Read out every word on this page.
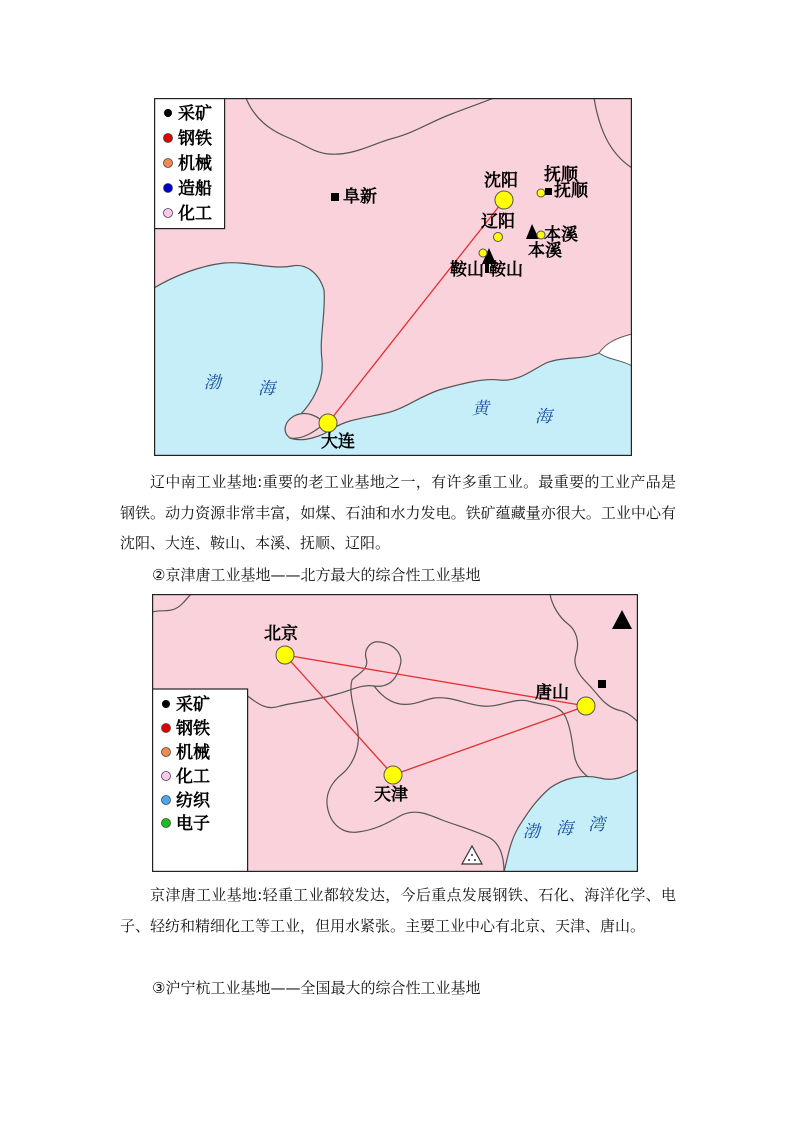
采矿
钢铁
机械
造船
化工
阜新
沈阳 抚顺
抚顺
辽阳
本溪
本溪
鞍山 鞍山
大连
渤 海
黄	海

辽中南工业基地:重要的老工业基地之一，有许多重工业。最重要的工业产品是钢铁。动力资源非常丰富，如煤、石油和水力发电。铁矿蕴藏量亦很大。工业中心有沈阳、大连、鞍山、本溪、抚顺、辽阳。

②京津唐工业基地——北方最大的综合性工业基地

采矿
钢铁
机械
化工
纺织
电子
北京
唐山
天津
渤 海 湾

京津唐工业基地:轻重工业都较发达，今后重点发展钢铁、石化、海洋化学、电子、轻纺和精细化工等工业，但用水紧张。主要工业中心有北京、天津、唐山。

③沪宁杭工业基地——全国最大的综合性工业基地
